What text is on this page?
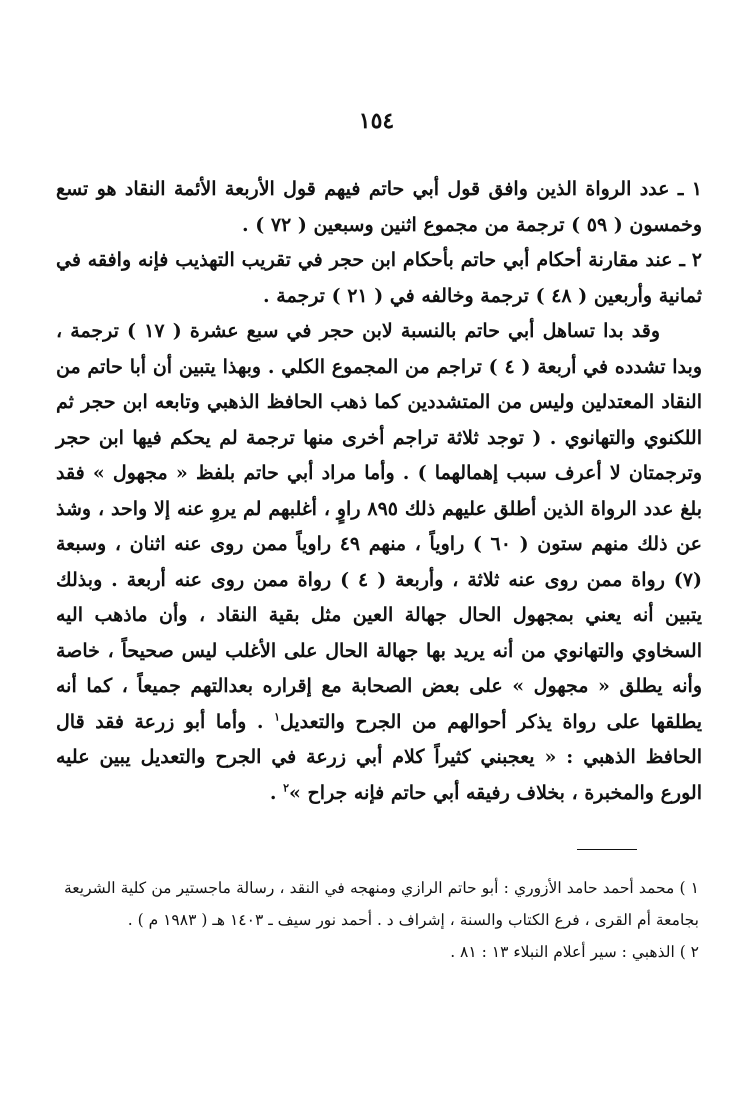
١٥٤

١ ـ عدد الرواة الذين وافق قول أبي حاتم فيهم قول الأربعة الأئمة النقاد هو تسع وخمسون ( ٥٩ ) ترجمة من مجموع اثنين وسبعين ( ٧٢ ) .

٢ ـ عند مقارنة أحكام أبي حاتم بأحكام ابن حجر في تقريب التهذيب فإنه وافقه في ثمانية وأربعين ( ٤٨ ) ترجمة وخالفه في ( ٢١ ) ترجمة .

وقد بدا تساهل أبي حاتم بالنسبة لابن حجر في سبع عشرة ( ١٧ ) ترجمة ، وبدا تشدده في أربعة ( ٤ ) تراجم من المجموع الكلي . وبهذا يتبين أن أبا حاتم من النقاد المعتدلين وليس من المتشددين كما ذهب الحافظ الذهبي وتابعه ابن حجر ثم اللكنوي والتهانوي . ( توجد ثلاثة تراجم أخرى منها ترجمة لم يحكم فيها ابن حجر وترجمتان لا أعرف سبب إهمالهما ) . وأما مراد أبي حاتم بلفظ « مجهول » فقد بلغ عدد الرواة الذين أطلق عليهم ذلك ٨٩٥ راوٍ ، أغلبهم لم يروِ عنه إلا واحد ، وشذ عن ذلك منهم ستون ( ٦٠ ) راوياً ، منهم ٤٩ راوياً ممن روى عنه اثنان ، وسبعة (٧) رواة ممن روى عنه ثلاثة ، وأربعة ( ٤ ) رواة ممن روى عنه أربعة . وبذلك يتبين أنه يعني بمجهول الحال جهالة العين مثل بقية النقاد ، وأن ماذهب اليه السخاوي والتهانوي من أنه يريد بها جهالة الحال على الأغلب ليس صحيحاً ، خاصة وأنه يطلق « مجهول » على بعض الصحابة مع إقراره بعدالتهم جميعاً ، كما أنه يطلقها على رواة يذكر أحوالهم من الجرح والتعديل$^١$ . وأما أبو زرعة فقد قال الحافظ الذهبي : « يعجبني كثيراً كلام أبي زرعة في الجرح والتعديل يبين عليه الورع والمخبرة ، بخلاف رفيقه أبي حاتم فإنه جراح »$^٢$ .

١ ) محمد أحمد حامد الأزوري : أبو حاتم الرازي ومنهجه في النقد ، رسالة ماجستير من كلية الشريعة بجامعة أم القرى ، فرع الكتاب والسنة ، إشراف د . أحمد نور سيف ـ ١٤٠٣ هـ ( ١٩٨٣ م ) .

٢ ) الذهبي : سير أعلام النبلاء ١٣ : ٨١ .
